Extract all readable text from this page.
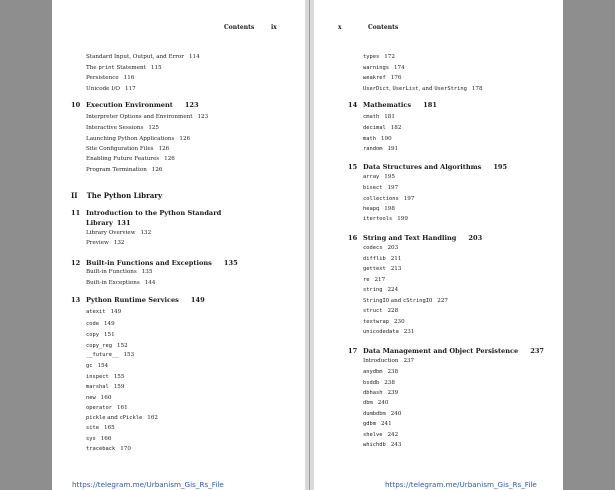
Contents	ix
Standard Input, Output, and Error 114
The print Statement 115
Persistence 116
Unicode I/O 117
10 Execution Environment 123
Interpreter Options and Environment 123
Interactive Sessions 125
Launching Python Applications 126
Site Configuration Files 126
Enabling Future Features 126
Program Termination 126
II The Python Library
11 Introduction to the Python Standard
Library 131
Library Overview 132
Preview 132
12 Built-in Functions and Exceptions 135
Built-in Functions 135
Built-in Exceptions 144
13 Python Runtime Services 149
atexit 149
code 149
copy 151
copy_reg 152
__future__ 153
gc 154
inspect 155
marshal 159
new 160
operator 161
pickle and cPickle 162
site 165
sys 166
traceback 170
x	Contents
types 172
warnings 174
weakref 176
UserDict, UserList, and UserString 178
14 Mathematics 181
cmath 181
decimal 182
math 190
random 191
15 Data Structures and Algorithms 195
array 195
bisect 197
collections 197
heapq 198
itertools 199
16 String and Text Handling 203
codecs 203
difflib 211
gettext 213
re 217
string 224
StringIO and cStringIO 227
struct 228
textwrap 230
unicodedata 231
17 Data Management and Object Persistence 237
Introduction 237
anydbm 238
bsddb 238
dbhash 239
dbm 240
dumbdbm 240
gdbm 241
shelve 242
whichdb 243
https://telegram.me/Urbanism_Gis_Rs_File	https://telegram.me/Urbanism_Gis_Rs_File
